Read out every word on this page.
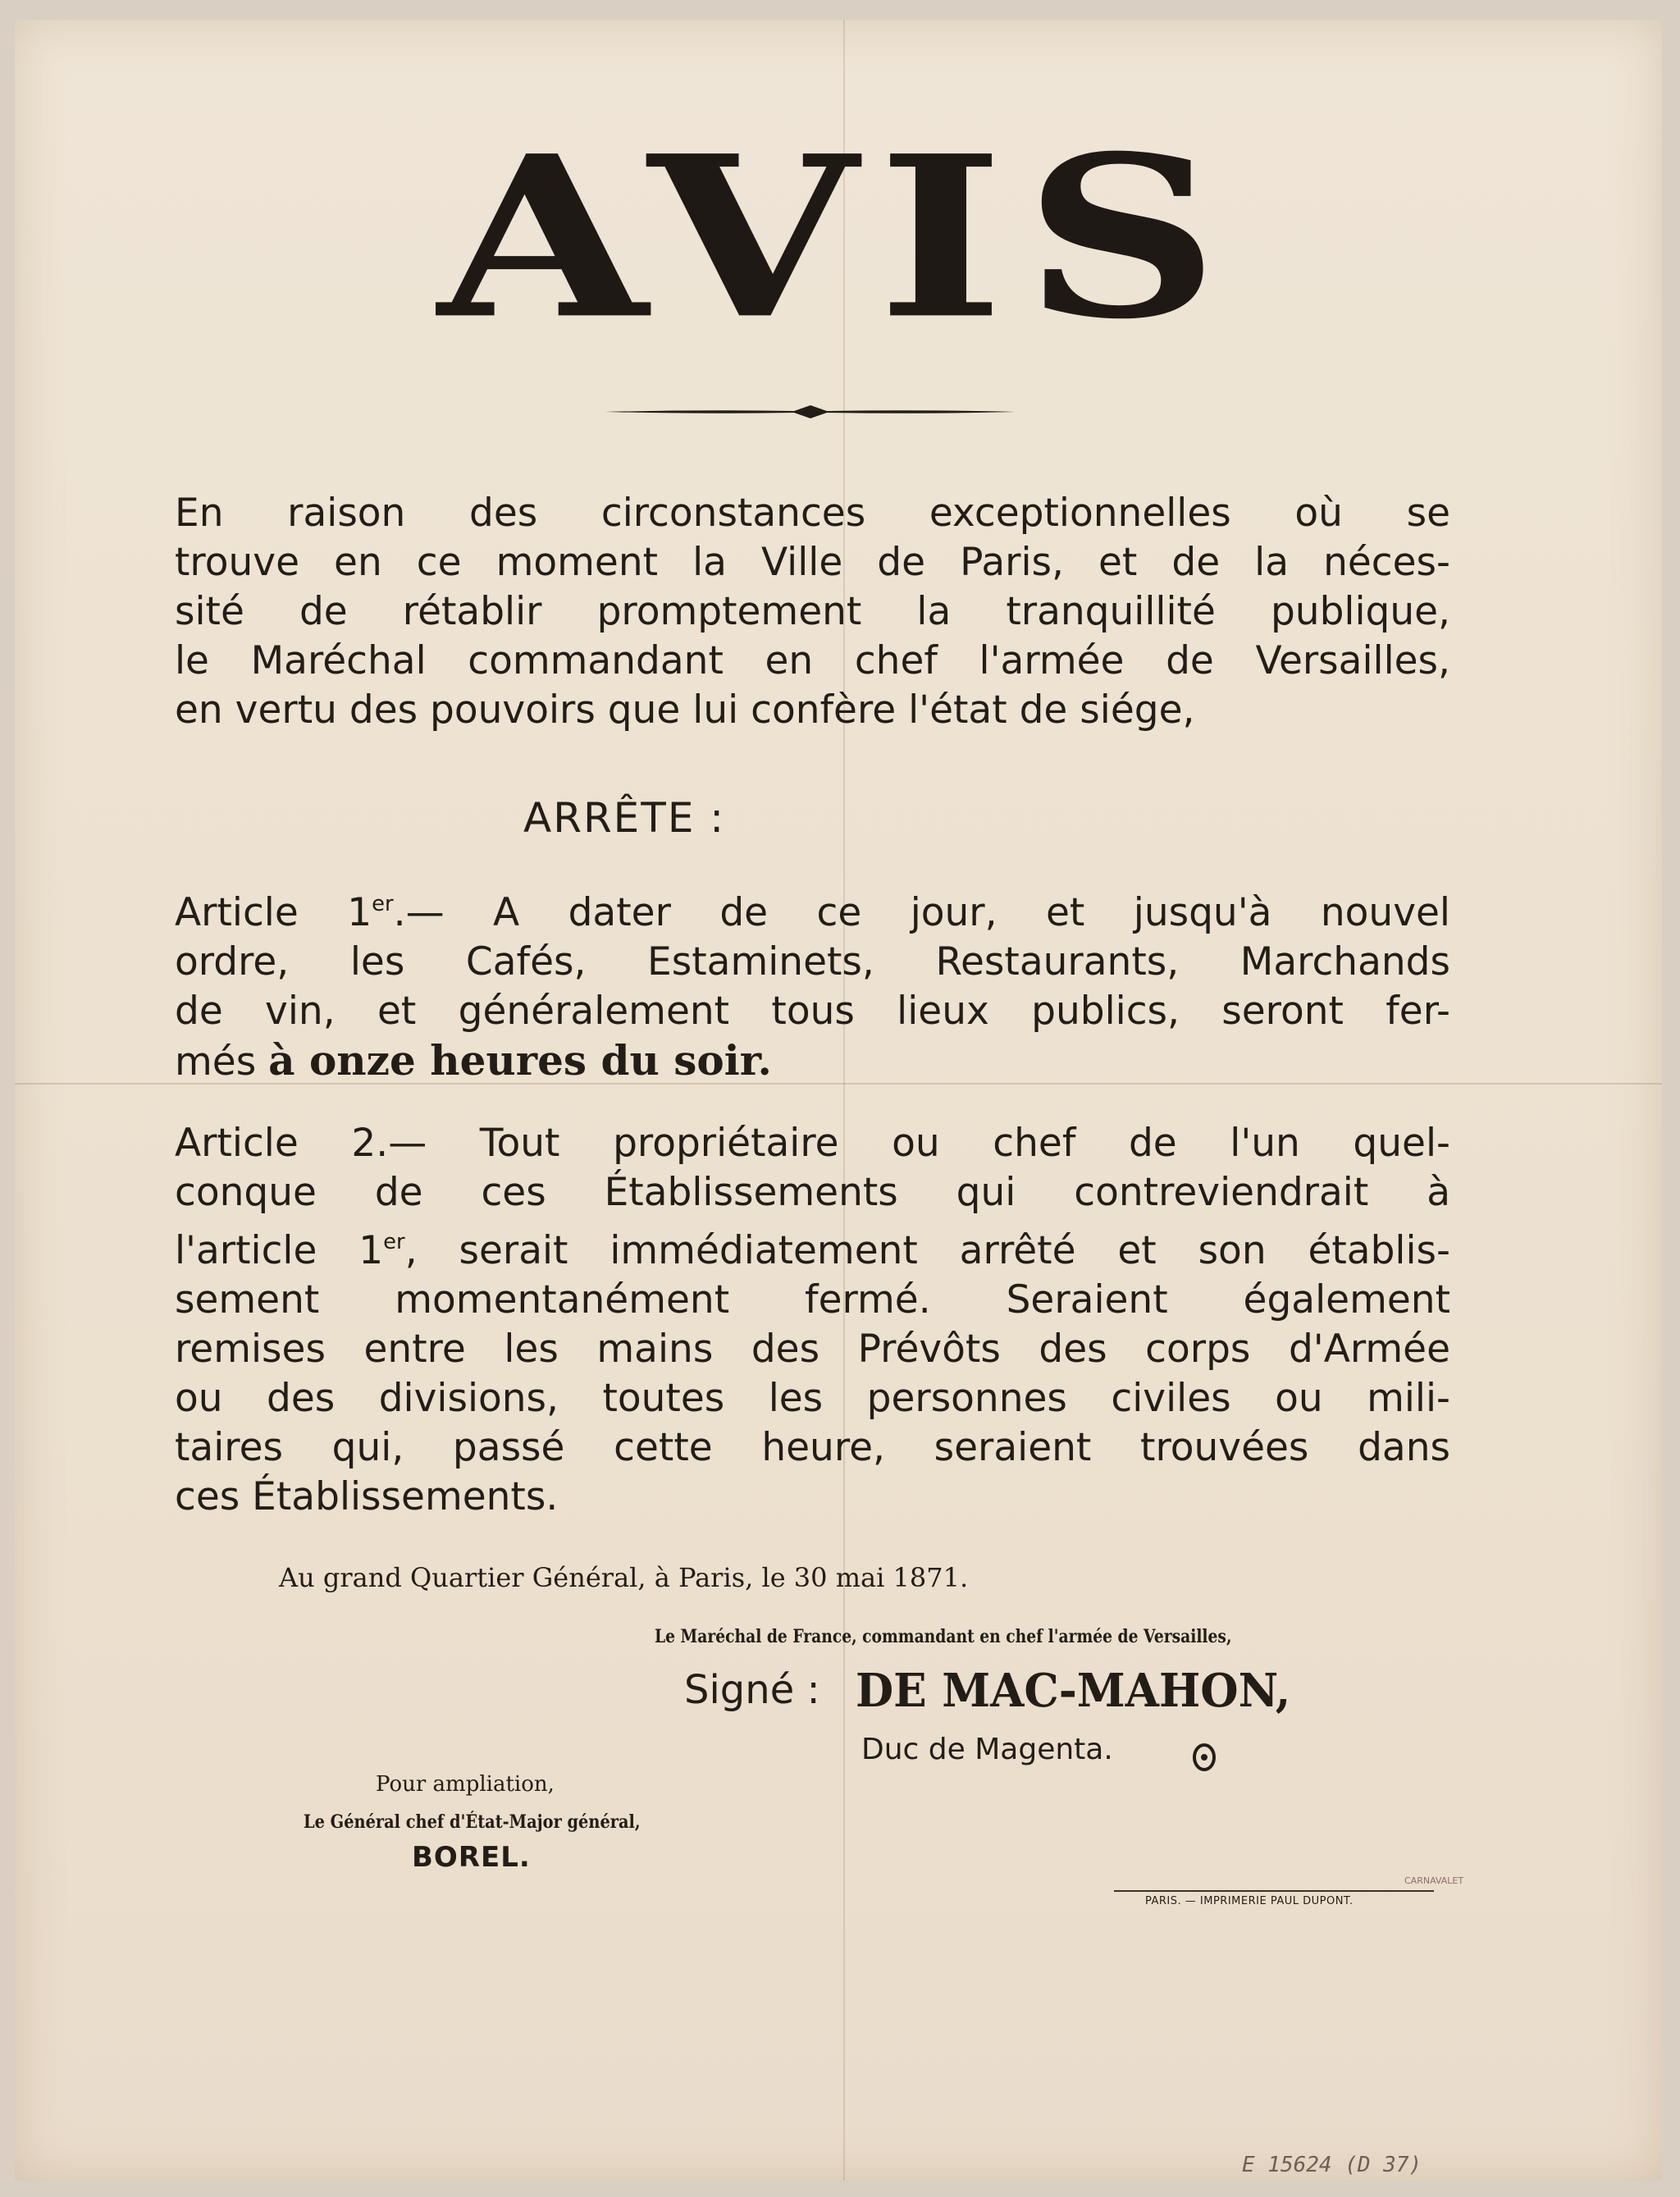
AVIS
En raison des circonstances exceptionnelles où se
trouve en ce moment la Ville de Paris, et de la néces-
sité de rétablir promptement la tranquillité publique,
le Maréchal commandant en chef l'armée de Versailles,
en vertu des pouvoirs que lui confère l'état de siége,
ARRÊTE :
Article 1er.— A dater de ce jour, et jusqu'à nouvel
ordre, les Cafés, Estaminets, Restaurants, Marchands
de vin, et généralement tous lieux publics, seront fer-
més à onze heures du soir.
Article 2.— Tout propriétaire ou chef de l'un quel-
conque de ces Établissements qui contreviendrait à
l'article 1er, serait immédiatement arrêté et son établis-
sement momentanément fermé. Seraient également
remises entre les mains des Prévôts des corps d'Armée
ou des divisions, toutes les personnes civiles ou mili-
taires qui, passé cette heure, seraient trouvées dans
ces Établissements.
Au grand Quartier Général, à Paris, le 30 mai 1871.
Le Maréchal de France, commandant en chef l'armée de Versailles,
Signé : DE MAC-MAHON,
Duc de Magenta.
Pour ampliation,
Le Général chef d'État-Major général,
BOREL.
CARNAVALET
PARIS. — IMPRIMERIE PAUL DUPONT.
E 15624 (D 37)
